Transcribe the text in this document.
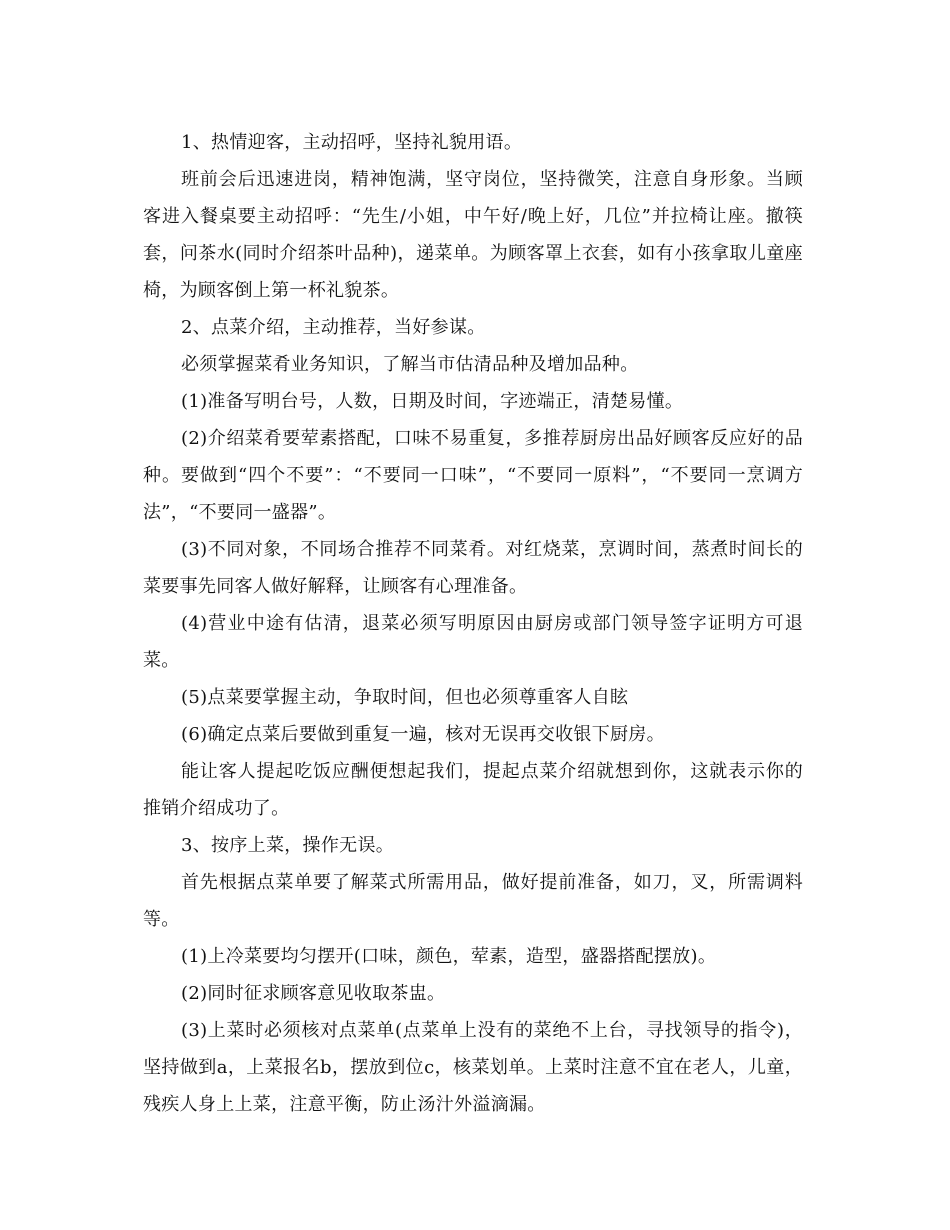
1、热情迎客，主动招呼，坚持礼貌用语。

班前会后迅速进岗，精神饱满，坚守岗位，坚持微笑，注意自身形象。当顾客进入餐桌要主动招呼：“先生/小姐，中午好/晚上好，几位”并拉椅让座。撤筷套，问茶水(同时介绍茶叶品种)，递菜单。为顾客罩上衣套，如有小孩拿取儿童座椅，为顾客倒上第一杯礼貌茶。

2、点菜介绍，主动推荐，当好参谋。

必须掌握菜肴业务知识，了解当市估清品种及增加品种。

(1)准备写明台号，人数，日期及时间，字迹端正，清楚易懂。

(2)介绍菜肴要荤素搭配，口味不易重复，多推荐厨房出品好顾客反应好的品种。要做到“四个不要”：“不要同一口味”，“不要同一原料”，“不要同一烹调方法”，“不要同一盛器”。

(3)不同对象，不同场合推荐不同菜肴。对红烧菜，烹调时间，蒸煮时间长的菜要事先同客人做好解释，让顾客有心理准备。

(4)营业中途有估清，退菜必须写明原因由厨房或部门领导签字证明方可退菜。

(5)点菜要掌握主动，争取时间，但也必须尊重客人自眩

(6)确定点菜后要做到重复一遍，核对无误再交收银下厨房。

能让客人提起吃饭应酬便想起我们，提起点菜介绍就想到你，这就表示你的推销介绍成功了。

3、按序上菜，操作无误。

首先根据点菜单要了解菜式所需用品，做好提前准备，如刀，叉，所需调料等。

(1)上冷菜要均匀摆开(口味，颜色，荤素，造型，盛器搭配摆放)。

(2)同时征求顾客意见收取茶盅。

(3)上菜时必须核对点菜单(点菜单上没有的菜绝不上台，寻找领导的指令)，坚持做到a，上菜报名b，摆放到位c，核菜划单。上菜时注意不宜在老人，儿童，残疾人身上上菜，注意平衡，防止汤汁外溢滴漏。
